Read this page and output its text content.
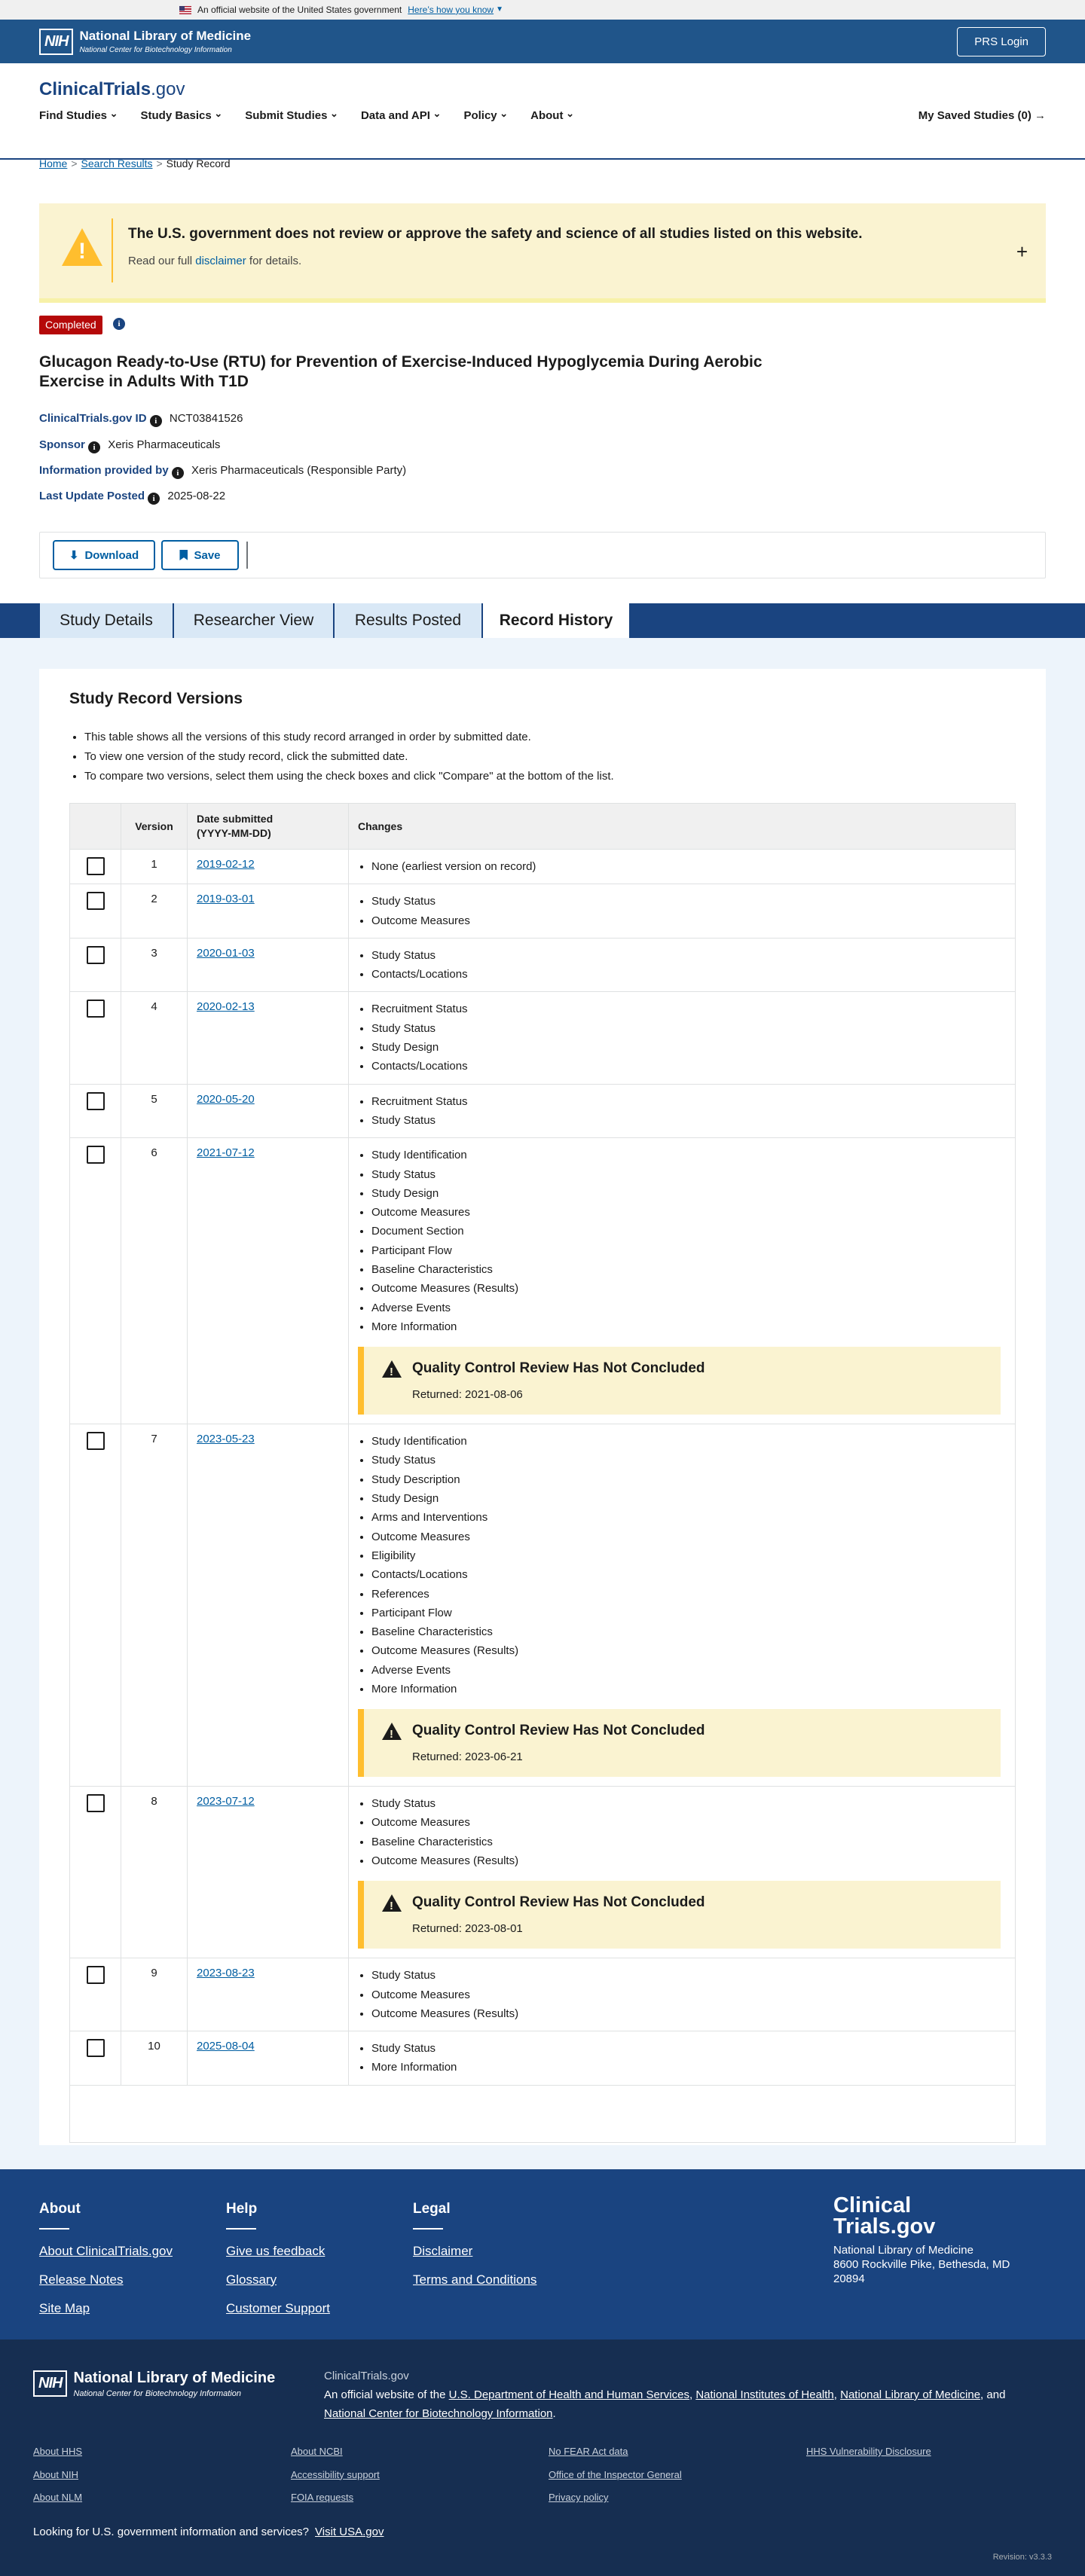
An official website of the United States government Here’s how you know ▼
NIH National Library of Medicine
National Center for Biotechnology Information
PRS Login
ClinicalTrials.gov
Find Studies ⌄	Study Basics ⌄	Submit Studies ⌄	Data and API ⌄	Policy ⌄	About ⌄	My Saved Studies (0) →
Home > Search Results > Study Record
!
The U.S. government does not review or approve the safety and science of all studies listed on this website.
Read our full disclaimer for details.	+
Completed	i
Glucagon Ready-to-Use (RTU) for Prevention of Exercise-Induced Hypoglycemia During Aerobic Exercise in Adults With T1D
ClinicalTrials.gov ID i NCT03841526
Sponsor i Xeris Pharmaceuticals
Information provided by i Xeris Pharmaceuticals (Responsible Party)
Last Update Posted i 2025-08-22
⬇ Download	Save
Study Details	Researcher View	Results Posted	Record History
Study Record Versions
• This table shows all the versions of this study record arranged in order by submitted date.
• To view one version of the study record, click the submitted date.
• To compare two versions, select them using the check boxes and click "Compare" at the bottom of the list.
Version
Date submitted
(YYYY-MM-DD)
Changes
1	2019-02-12	• None (earliest version on record)
2	2019-03-01	• Study Status
• Outcome Measures
3	2020-01-03	• Study Status
• Contacts/Locations
4	2020-02-13	• Recruitment Status
• Study Status
• Study Design
• Contacts/Locations
5	2020-05-20	• Recruitment Status
• Study Status
6	2021-07-12	• Study Identification
• Study Status
• Study Design
• Outcome Measures
• Document Section
• Participant Flow
• Baseline Characteristics
• Outcome Measures (Results)
• Adverse Events
• More Information
!
Quality Control Review Has Not Concluded
Returned: 2021-08-06
7	2023-05-23	• Study Identification
• Study Status
• Study Description
• Study Design
• Arms and Interventions
• Outcome Measures
• Eligibility
• Contacts/Locations
• References
• Participant Flow
• Baseline Characteristics
• Outcome Measures (Results)
• Adverse Events
• More Information
!
Quality Control Review Has Not Concluded
Returned: 2023-06-21
8	2023-07-12	• Study Status
• Outcome Measures
• Baseline Characteristics
• Outcome Measures (Results)
!
Quality Control Review Has Not Concluded
Returned: 2023-08-01
9	2023-08-23	• Study Status
• Outcome Measures
• Outcome Measures (Results)
10	2025-08-04	• Study Status
• More Information
About
About ClinicalTrials.gov
Release Notes
Site Map
Help
Give us feedback
Glossary
Customer Support
Legal
Disclaimer
Terms and Conditions
Clinical
Trials.gov
National Library of Medicine
8600 Rockville Pike, Bethesda, MD
20894
NIH National Library of Medicine
National Center for Biotechnology Information
ClinicalTrials.gov
An official website of the U.S. Department of Health and Human Services, National Institutes of Health, National Library of Medicine, and National Center for Biotechnology Information.
About HHS
About NIH
About NLM
About NCBI
Accessibility support
FOIA requests
No FEAR Act data
Office of the Inspector General
Privacy policy
HHS Vulnerability Disclosure
Looking for U.S. government information and services? Visit USA.gov
Revision: v3.3.3
